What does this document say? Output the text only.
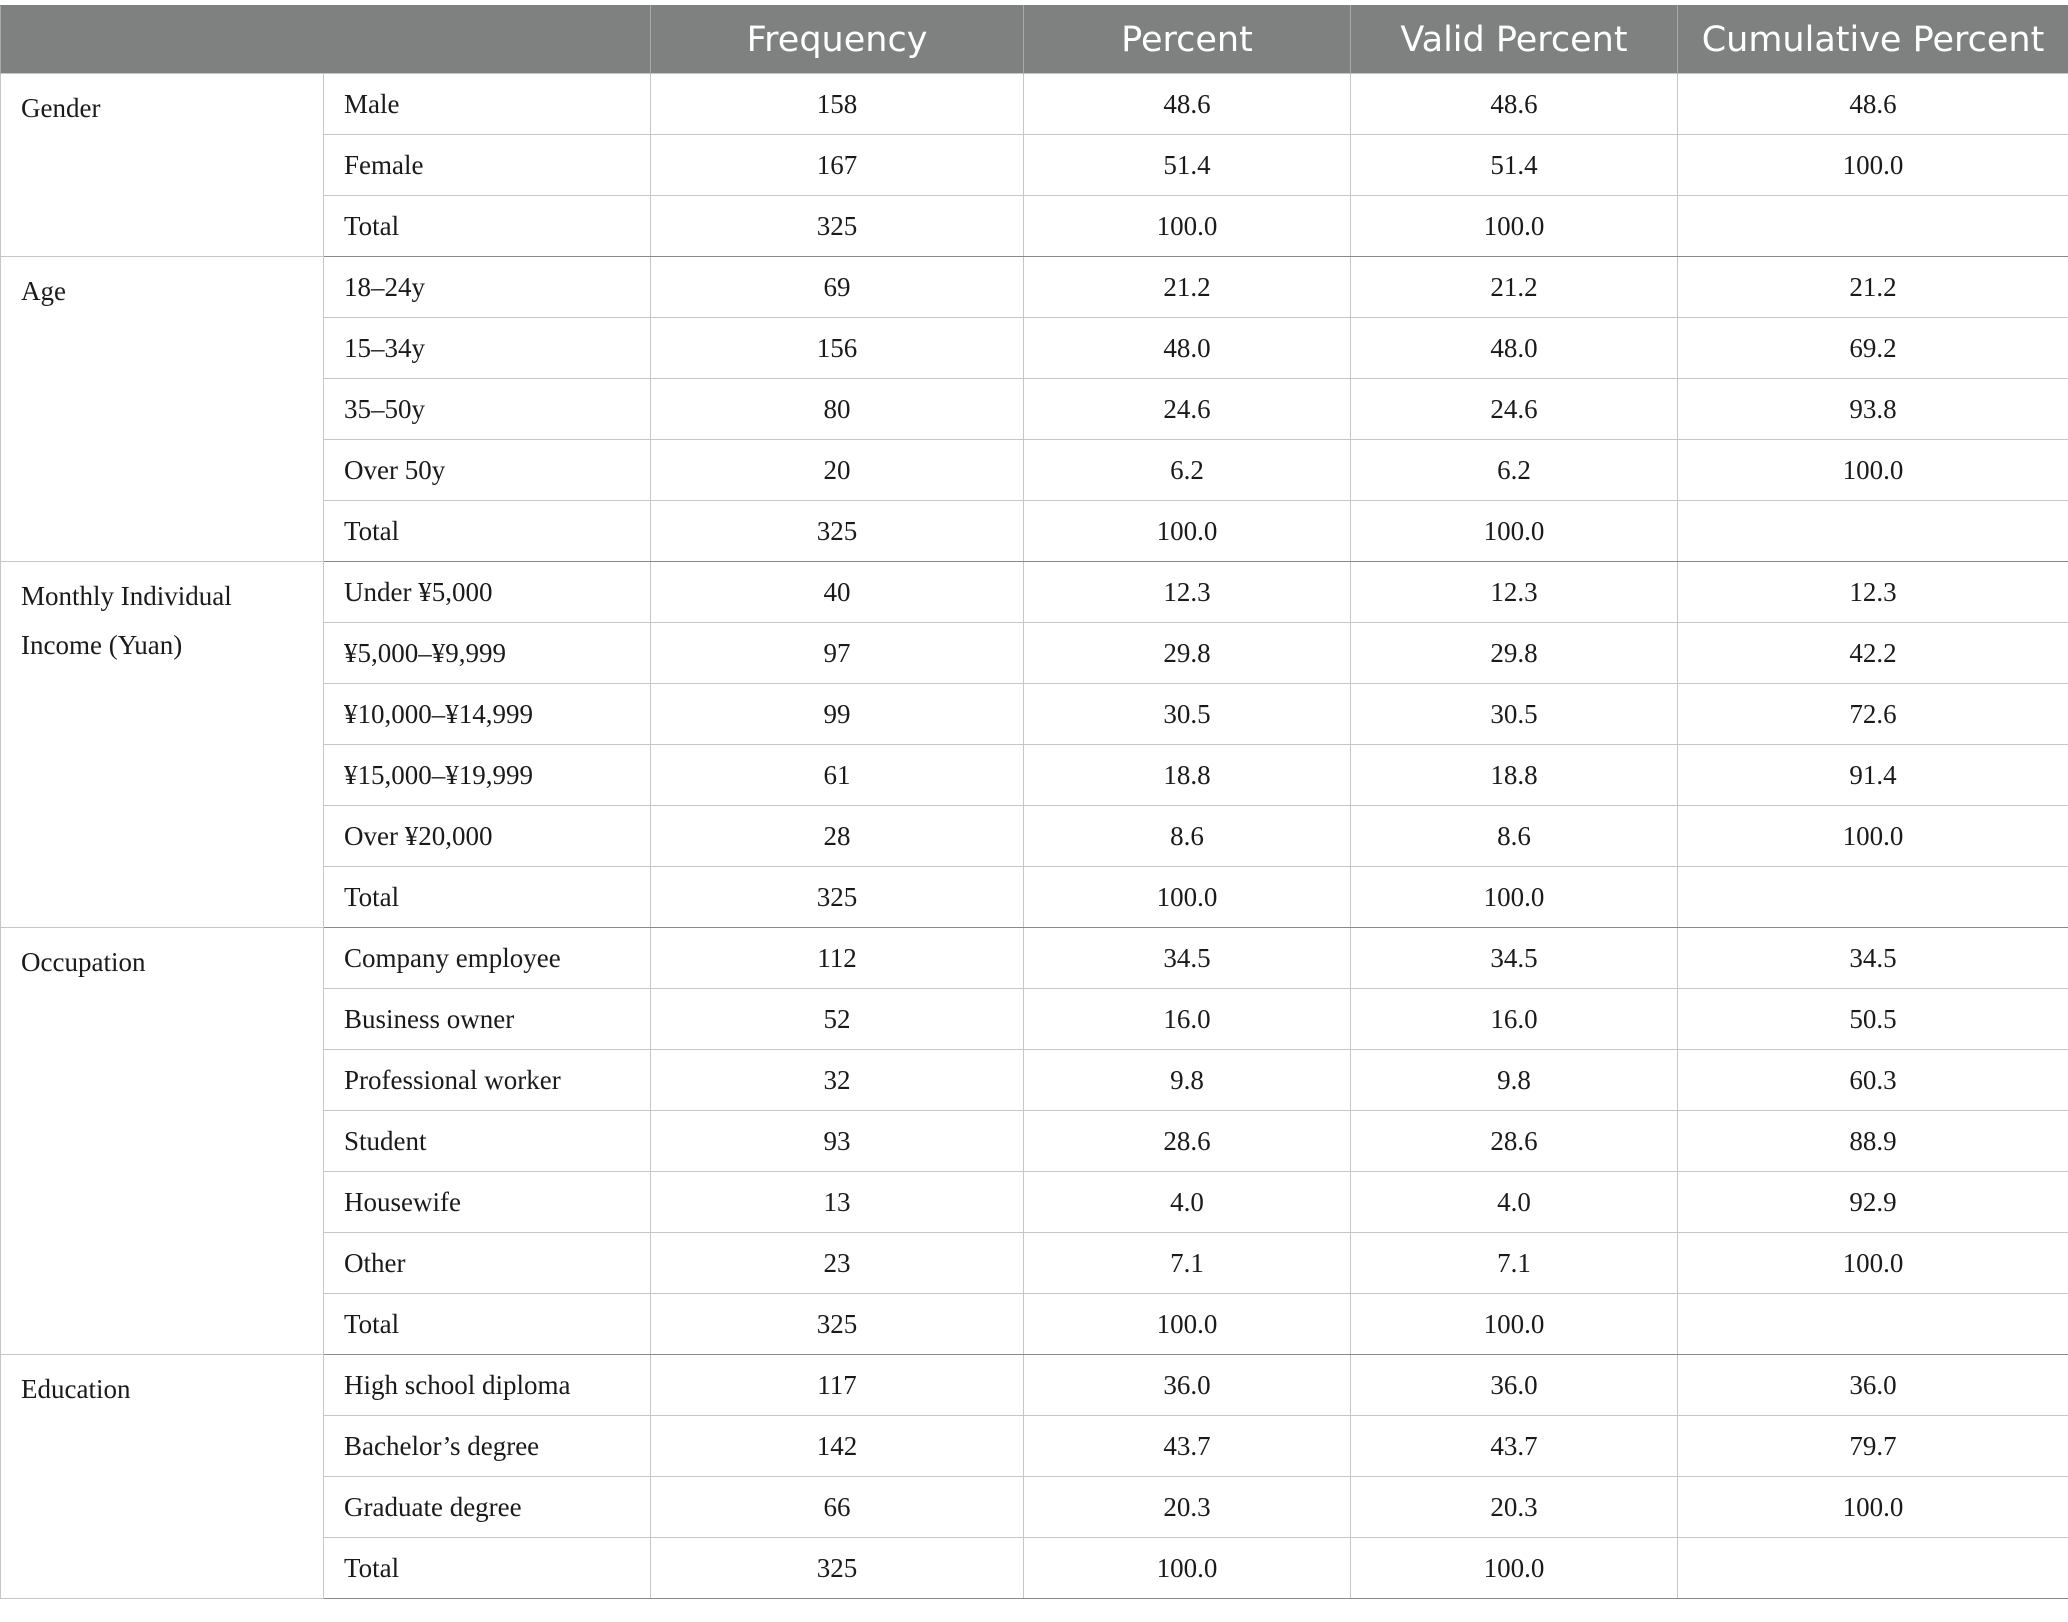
		Frequency	Percent	Valid Percent	Cumulative Percent
Gender	Male	158	48.6	48.6	48.6
	Female	167	51.4	51.4	100.0
	Total	325	100.0	100.0	
Age	18–24y	69	21.2	21.2	21.2
	15–34y	156	48.0	48.0	69.2
	35–50y	80	24.6	24.6	93.8
	Over 50y	20	6.2	6.2	100.0
	Total	325	100.0	100.0	
Monthly Individual Income (Yuan)	Under ¥5,000	40	12.3	12.3	12.3
	¥5,000–¥9,999	97	29.8	29.8	42.2
	¥10,000–¥14,999	99	30.5	30.5	72.6
	¥15,000–¥19,999	61	18.8	18.8	91.4
	Over ¥20,000	28	8.6	8.6	100.0
	Total	325	100.0	100.0	
Occupation	Company employee	112	34.5	34.5	34.5
	Business owner	52	16.0	16.0	50.5
	Professional worker	32	9.8	9.8	60.3
	Student	93	28.6	28.6	88.9
	Housewife	13	4.0	4.0	92.9
	Other	23	7.1	7.1	100.0
	Total	325	100.0	100.0	
Education	High school diploma	117	36.0	36.0	36.0
	Bachelor’s degree	142	43.7	43.7	79.7
	Graduate degree	66	20.3	20.3	100.0
	Total	325	100.0	100.0	
